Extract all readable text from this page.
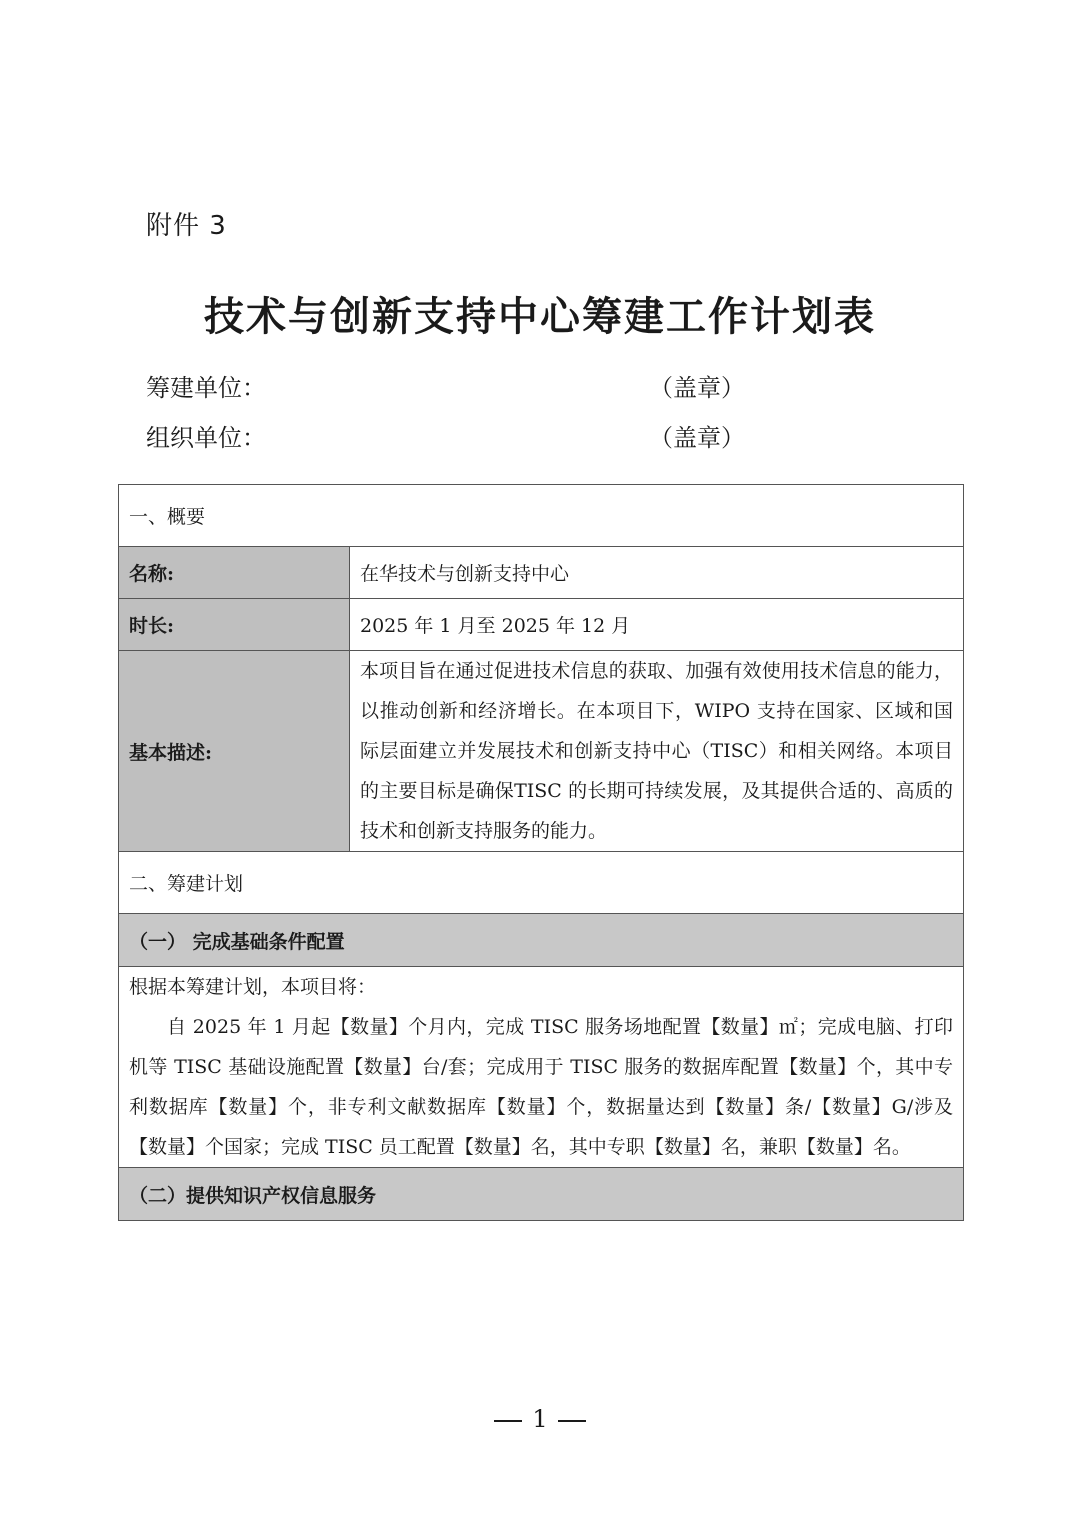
附件 3
技术与创新支持中心筹建工作计划表
筹建单位：	（盖章）
组织单位：	（盖章）
一、概要	
名称:	在华技术与创新支持中心
时长:	2025 年 1 月至 2025 年 12 月
基本描述:	本项目旨在通过促进技术信息的获取、加强有效使用技术信息的能力，以推动创新和经济增长。在本项目下，WIPO 支持在国家、区域和国际层面建立并发展技术和创新支持中心（TISC）和相关网络。本项目的主要目标是确保TISC 的长期可持续发展，及其提供合适的、高质的技术和创新支持服务的能力。

二、筹建计划	
（一） 完成基础条件配置	

根据本筹建计划，本项目将：
自 2025 年 1 月起【数量】个月内，完成 TISC 服务场地配置【数量】㎡；完成电脑、打印机等 TISC 基础设施配置【数量】台/套；完成用于 TISC 服务的数据库配置【数量】个，其中专利数据库【数量】个，非专利文献数据库【数量】个，数据量达到【数量】条/【数量】G/涉及【数量】个国家；完成 TISC 员工配置【数量】名，其中专职【数量】名，兼职【数量】名。	

（二）提供知识产权信息服务	
1
